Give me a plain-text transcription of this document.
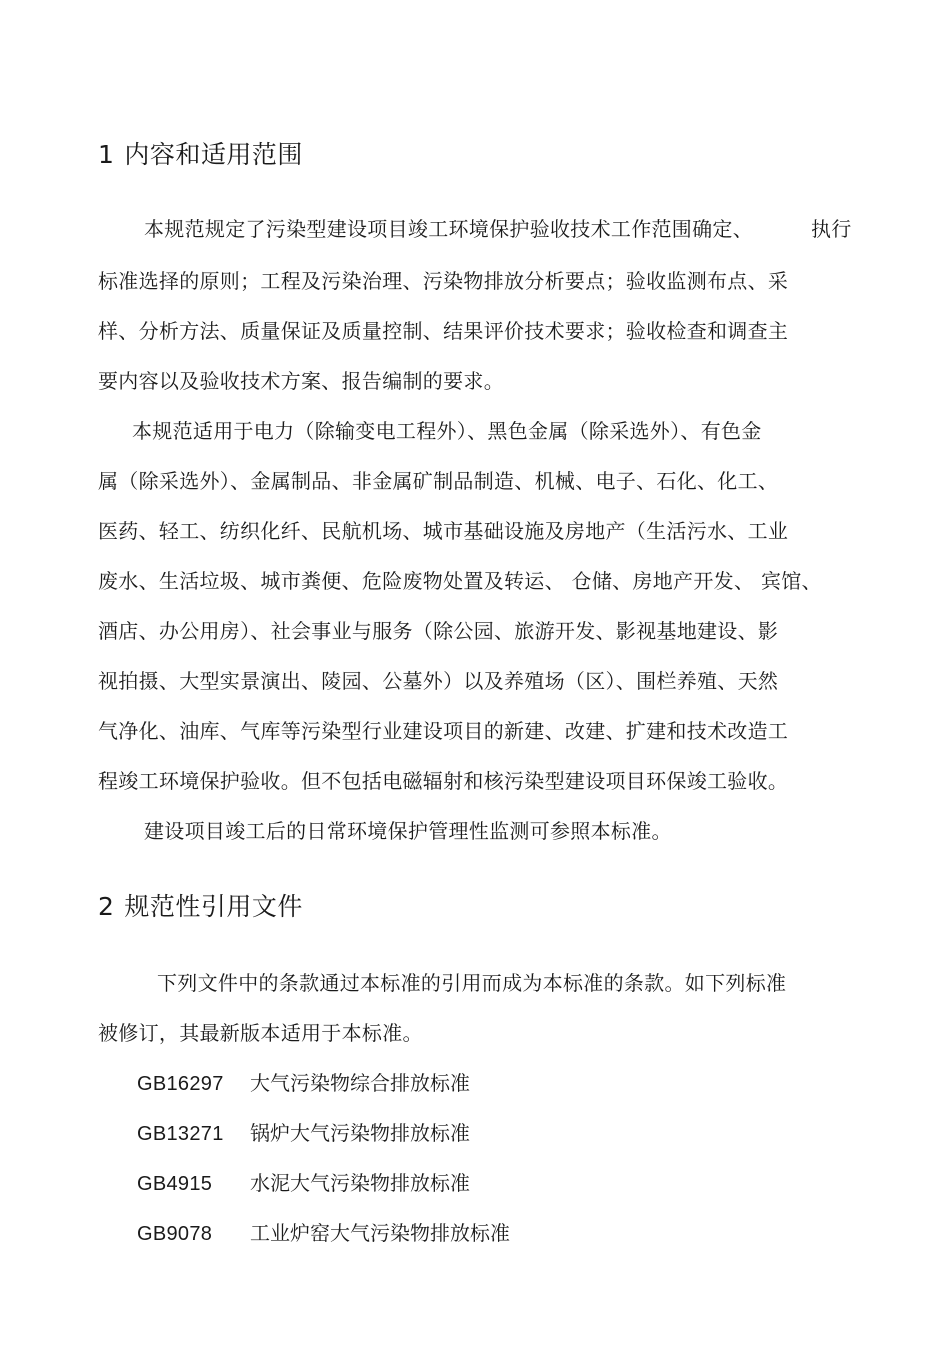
1 内容和适用范围
本规范规定了污染型建设项目竣工环境保护验收技术工作范围确定、	执行
标准选择的原则；工程及污染治理、污染物排放分析要点；验收监测布点、采
样、分析方法、质量保证及质量控制、结果评价技术要求；验收检查和调查主
要内容以及验收技术方案、报告编制的要求。
本规范适用于电力（除输变电工程外）、黑色金属（除采选外）、有色金
属（除采选外）、金属制品、非金属矿制品制造、机械、电子、石化、化工、
医药、轻工、纺织化纤、民航机场、城市基础设施及房地产（生活污水、工业
废水、生活垃圾、城市粪便、危险废物处置及转运、 仓储、房地产开发、 宾馆、
酒店、办公用房）、社会事业与服务（除公园、旅游开发、影视基地建设、影
视拍摄、大型实景演出、陵园、公墓外）以及养殖场（区）、围栏养殖、天然
气净化、油库、气库等污染型行业建设项目的新建、改建、扩建和技术改造工
程竣工环境保护验收。但不包括电磁辐射和核污染型建设项目环保竣工验收。
建设项目竣工后的日常环境保护管理性监测可参照本标准。
2 规范性引用文件
下列文件中的条款通过本标准的引用而成为本标准的条款。如下列标准
被修订，其最新版本适用于本标准。
GB16297 大气污染物综合排放标准
GB13271 锅炉大气污染物排放标准
GB4915 水泥大气污染物排放标准
GB9078 工业炉窑大气污染物排放标准
